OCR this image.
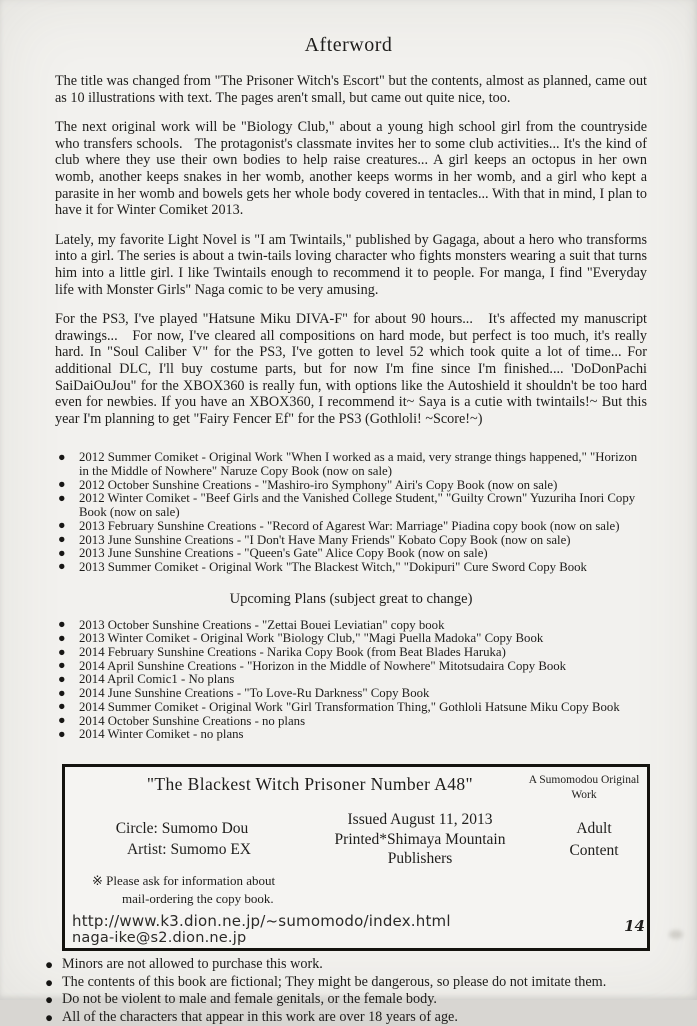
Afterword

The title was changed from "The Prisoner Witch's Escort" but the contents, almost as planned, came out as 10 illustrations with text. The pages aren't small, but came out quite nice, too.

The next original work will be "Biology Club," about a young high school girl from the countryside who transfers schools.   The protagonist's classmate invites her to some club activities... It's the kind of club where they use their own bodies to help raise creatures... A girl keeps an octopus in her own womb, another keeps snakes in her womb, another keeps worms in her womb, and a girl who kept a parasite in her womb and bowels gets her whole body covered in tentacles... With that in mind, I plan to have it for Winter Comiket 2013.

Lately, my favorite Light Novel is "I am Twintails," published by Gagaga, about a hero who transforms into a girl. The series is about a twin-tails loving character who fights monsters wearing a suit that turns him into a little girl. I like Twintails enough to recommend it to people. For manga, I find "Everyday life with Monster Girls" Naga comic to be very amusing.

For the PS3, I've played "Hatsune Miku DIVA-F" for about 90 hours...   It's affected my manuscript drawings...   For now, I've cleared all compositions on hard mode, but perfect is too much, it's really hard. In "Soul Caliber V" for the PS3, I've gotten to level 52 which took quite a lot of time... For additional DLC, I'll buy costume parts, but for now I'm fine since I'm finished.... 'DoDonPachi SaiDaiOuJou" for the XBOX360 is really fun, with options like the Autoshield it shouldn't be too hard even for newbies. If you have an XBOX360, I recommend it~ Saya is a cutie with twintails!~ But this year I'm planning to get "Fairy Fencer Ef" for the PS3 (Gothloli! ~Score!~)

● 2012 Summer Comiket - Original Work "When I worked as a maid, very strange things happened," "Horizon in the Middle of Nowhere" Naruze Copy Book (now on sale)
● 2012 October Sunshine Creations - "Mashiro-iro Symphony" Airi's Copy Book (now on sale)
● 2012 Winter Comiket - "Beef Girls and the Vanished College Student," "Guilty Crown" Yuzuriha Inori Copy Book (now on sale)
● 2013 February Sunshine Creations - "Record of Agarest War: Marriage" Piadina copy book (now on sale)
● 2013 June Sunshine Creations - "I Don't Have Many Friends" Kobato Copy Book (now on sale)
● 2013 June Sunshine Creations - "Queen's Gate" Alice Copy Book (now on sale)
● 2013 Summer Comiket - Original Work "The Blackest Witch," "Dokipuri" Cure Sword Copy Book
Upcoming Plans (subject great to change)
● 2013 October Sunshine Creations - "Zettai Bouei Leviatian" copy book
● 2013 Winter Comiket - Original Work "Biology Club," "Magi Puella Madoka" Copy Book
● 2014 February Sunshine Creations - Narika Copy Book (from Beat Blades Haruka)
● 2014 April Sunshine Creations - "Horizon in the Middle of Nowhere" Mitotsudaira Copy Book
● 2014 April Comic1 - No plans
● 2014 June Sunshine Creations - "To Love-Ru Darkness" Copy Book
● 2014 Summer Comiket - Original Work "Girl Transformation Thing," Gothloli Hatsune Miku Copy Book
● 2014 October Sunshine Creations - no plans
● 2014 Winter Comiket - no plans
"The Blackest Witch Prisoner Number A48"	A Sumomodou Original Work
Circle: Sumomo Dou
Artist: Sumomo EX
Issued August 11, 2013
Printed*Shimaya Mountain Publishers
Adult Content
※ Please ask for information about
mail-ordering the copy book.
http://www.k3.dion.ne.jp/~sumomodo/index.html
naga-ike@s2.dion.ne.jp
● Minors are not allowed to purchase this work.
● The contents of this book are fictional; They might be dangerous, so please do not imitate them.
● Do not be violent to male and female genitals, or the female body.
● All of the characters that appear in this work are over 18 years of age.
14
